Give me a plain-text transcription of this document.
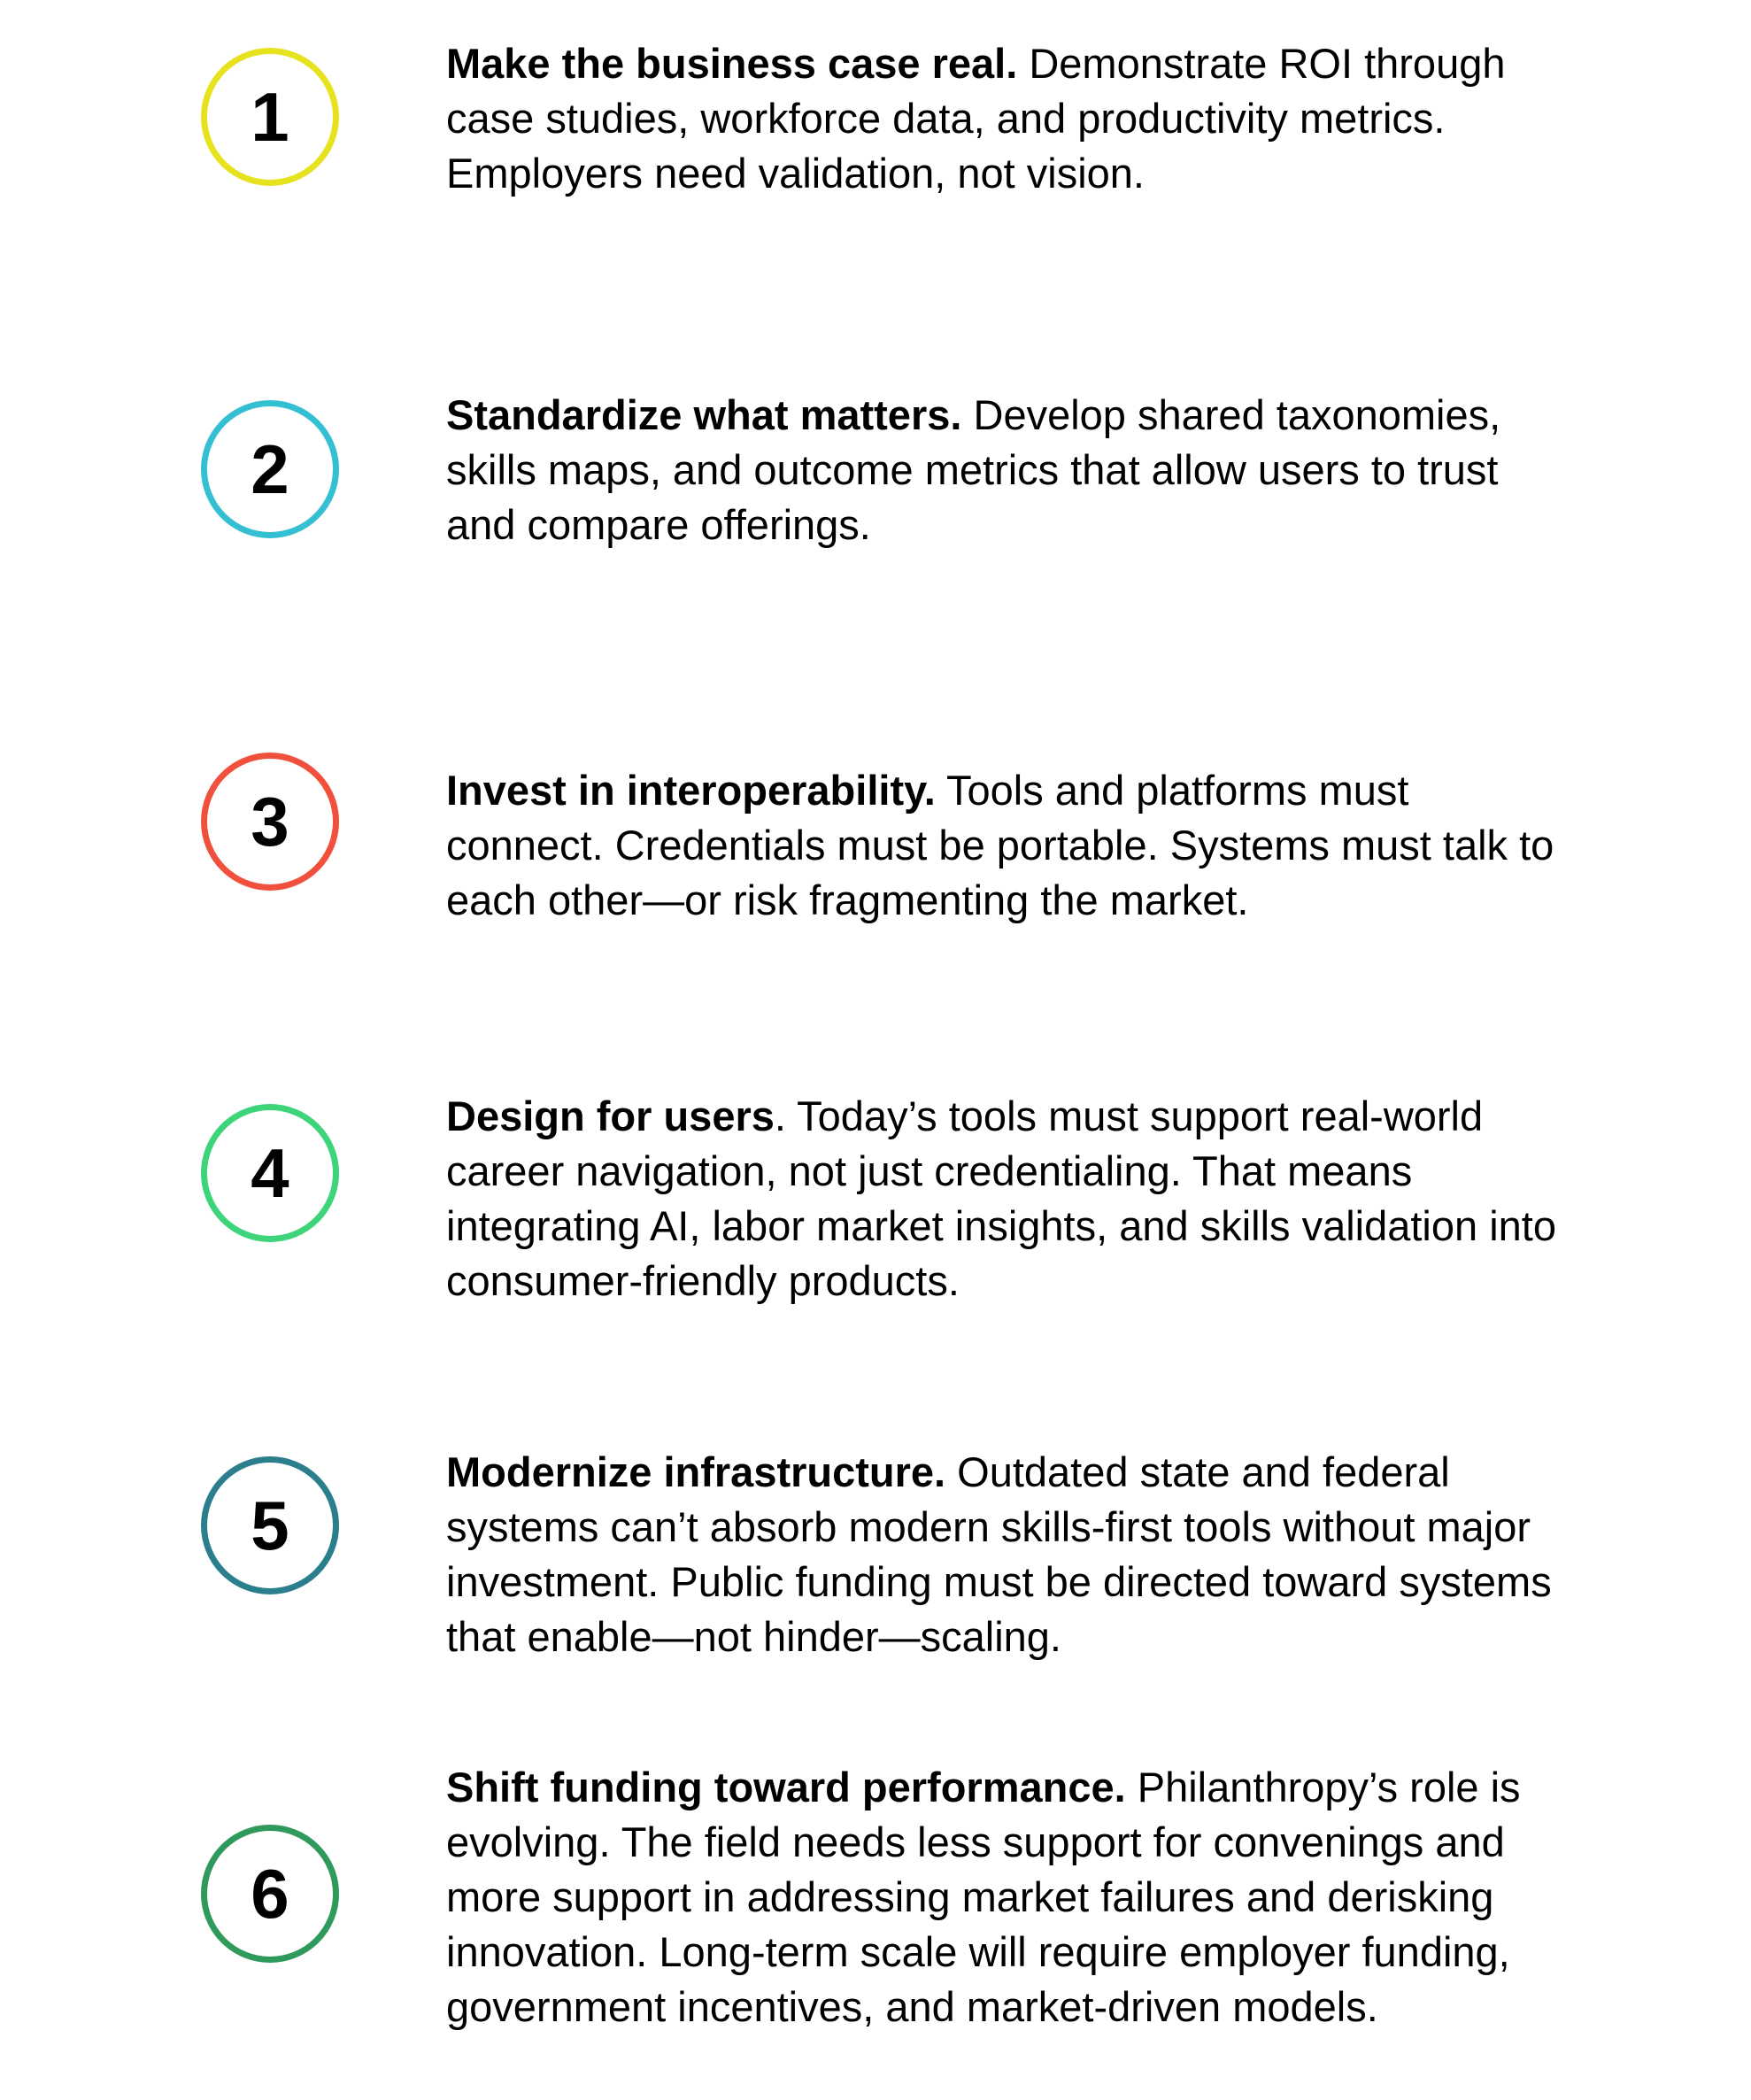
1

Make the business case real. Demonstrate ROI through case studies, workforce data, and productivity metrics. Employers need validation, not vision.

2

Standardize what matters. Develop shared taxonomies, skills maps, and outcome metrics that allow users to trust and compare offerings.

3	Invest in interoperability. Tools and platforms must connect. Credentials must be portable. Systems must talk to each other—or risk fragmenting the market.

4

Design for users. Today’s tools must support real-world career navigation, not just credentialing. That means integrating AI, labor market insights, and skills validation into consumer-friendly products.

5

Modernize infrastructure. Outdated state and federal systems can’t absorb modern skills-first tools without major investment. Public funding must be directed toward systems that enable—not hinder—scaling.

6

Shift funding toward performance. Philanthropy’s role is evolving. The field needs less support for convenings and more support in addressing market failures and derisking innovation. Long-term scale will require employer funding, government incentives, and market-driven models.
